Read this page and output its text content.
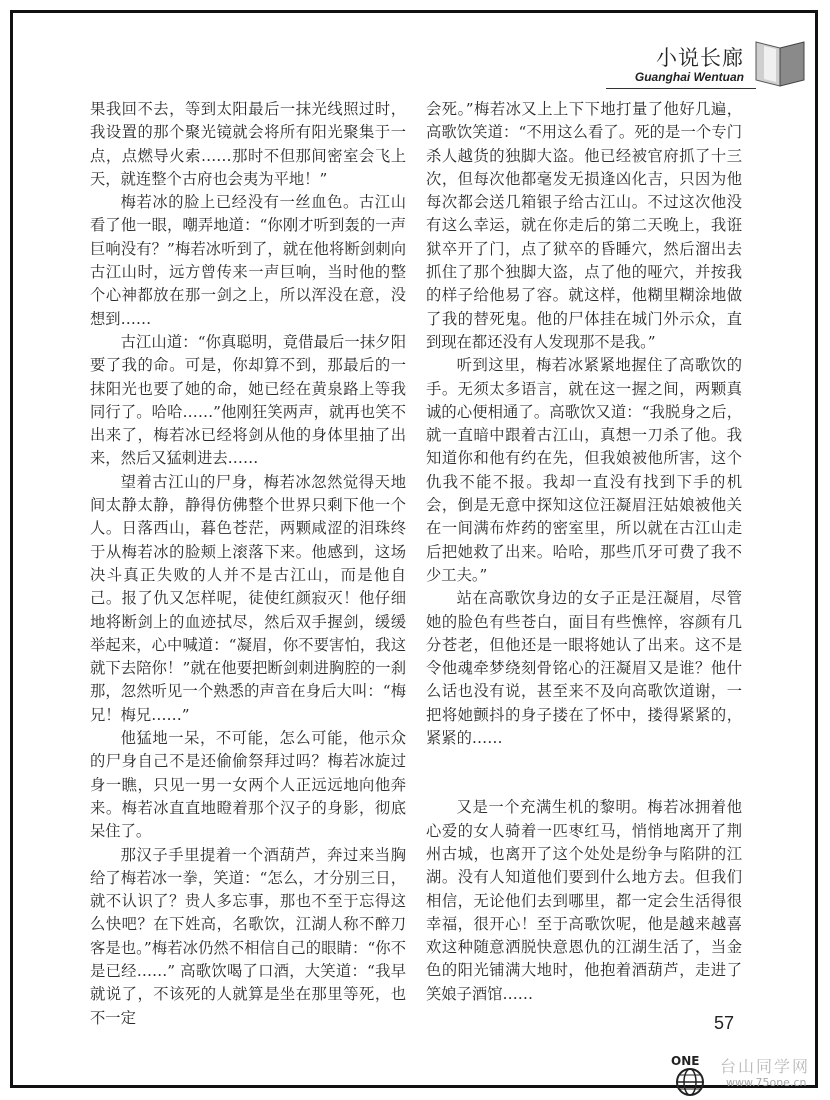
小说长廊
Guanghai Wentuan

果我回不去，等到太阳最后一抹光线照过时，我设置的那个聚光镜就会将所有阳光聚集于一点，点燃导火索……那时不但那间密室会飞上天，就连整个古府也会夷为平地！”

梅若冰的脸上已经没有一丝血色。古江山看了他一眼，嘲弄地道：“你刚才听到轰的一声巨响没有？”梅若冰听到了，就在他将断剑刺向古江山时，远方曾传来一声巨响，当时他的整个心神都放在那一剑之上，所以浑没在意，没想到……

古江山道：“你真聪明，竟借最后一抹夕阳要了我的命。可是，你却算不到，那最后的一抹阳光也要了她的命，她已经在黄泉路上等我同行了。哈哈……”他刚狂笑两声，就再也笑不出来了，梅若冰已经将剑从他的身体里抽了出来，然后又猛刺进去……

望着古江山的尸身，梅若冰忽然觉得天地间太静太静，静得仿佛整个世界只剩下他一个人。日落西山，暮色苍茫，两颗咸涩的泪珠终于从梅若冰的脸颊上滚落下来。他感到，这场决斗真正失败的人并不是古江山，而是他自己。报了仇又怎样呢，徒使红颜寂灭！他仔细地将断剑上的血迹拭尽，然后双手握剑，缓缓举起来，心中喊道：“凝眉，你不要害怕，我这就下去陪你！”就在他要把断剑刺进胸腔的一刹那，忽然听见一个熟悉的声音在身后大叫：“梅兄！梅兄……”

他猛地一呆，不可能，怎么可能，他示众的尸身自己不是还偷偷祭拜过吗？梅若冰旋过身一瞧，只见一男一女两个人正远远地向他奔来。梅若冰直直地瞪着那个汉子的身影，彻底呆住了。

那汉子手里提着一个酒葫芦，奔过来当胸给了梅若冰一拳，笑道：“怎么，才分别三日，就不认识了？贵人多忘事，那也不至于忘得这么快吧？在下姓高，名歌饮，江湖人称不醉刀客是也。”梅若冰仍然不相信自己的眼睛：“你不是已经……” 高歌饮喝了口酒，大笑道：“我早就说了，不该死的人就算是坐在那里等死，也不一定

会死。”梅若冰又上上下下地打量了他好几遍，高歌饮笑道：“不用这么看了。死的是一个专门杀人越货的独脚大盗。他已经被官府抓了十三次，但每次他都毫发无损逢凶化吉，只因为他每次都会送几箱银子给古江山。不过这次他没有这么幸运，就在你走后的第二天晚上，我诳狱卒开了门，点了狱卒的昏睡穴，然后溜出去抓住了那个独脚大盗，点了他的哑穴，并按我的样子给他易了容。就这样，他糊里糊涂地做了我的替死鬼。他的尸体挂在城门外示众，直到现在都还没有人发现那不是我。”

听到这里，梅若冰紧紧地握住了高歌饮的手。无须太多语言，就在这一握之间，两颗真诚的心便相通了。高歌饮又道：“我脱身之后，就一直暗中跟着古江山，真想一刀杀了他。我知道你和他有约在先，但我娘被他所害，这个仇我不能不报。我却一直没有找到下手的机会，倒是无意中探知这位汪凝眉汪姑娘被他关在一间满布炸药的密室里，所以就在古江山走后把她救了出来。哈哈，那些爪牙可费了我不少工夫。”

站在高歌饮身边的女子正是汪凝眉，尽管她的脸色有些苍白，面目有些憔悴，容颜有几分苍老，但他还是一眼将她认了出来。这不是令他魂牵梦绕刻骨铭心的汪凝眉又是谁？他什么话也没有说，甚至来不及向高歌饮道谢，一把将她颤抖的身子搂在了怀中，搂得紧紧的，紧紧的……

又是一个充满生机的黎明。梅若冰拥着他心爱的女人骑着一匹枣红马，悄悄地离开了荆州古城，也离开了这个处处是纷争与陷阱的江湖。没有人知道他们要到什么地方去。但我们相信，无论他们去到哪里，都一定会生活得很幸福，很开心！至于高歌饮呢，他是越来越喜欢这种随意洒脱快意恩仇的江湖生活了，当金色的阳光铺满大地时，他抱着酒葫芦，走进了笑娘子酒馆……

57
ONE 台山同学网
www.75one.cn
